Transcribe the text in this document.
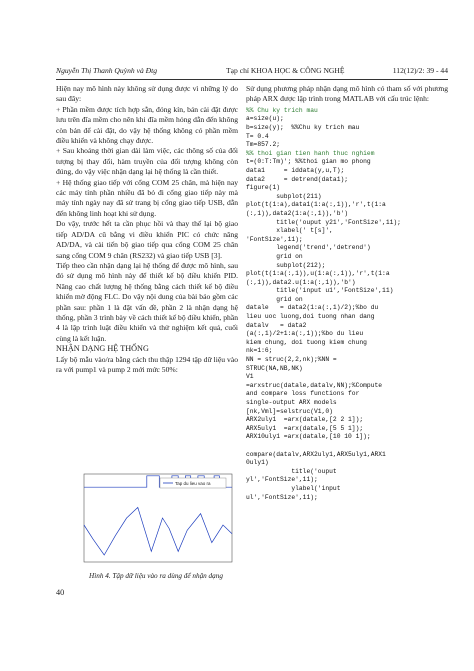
Nguyễn Thị Thanh Quỳnh và Đtg	Tạp chí KHOA HỌC & CÔNG NGHỆ	112(12)/2: 39 - 44

Hiện nay mô hình này không sử dụng được vì những lý do sau đây:

+ Phần mềm được tích hợp sẵn, đóng kín, bản cài đặt được lưu trên đĩa mềm cho nên khi đĩa mềm hỏng dẫn đến không còn bản để cài đặt, do vậy hệ thống không có phần mềm điều khiển và không chạy được.

+ Sau khoảng thời gian dài làm việc, các thông số của đối tượng bị thay đổi, hàm truyền của đối tượng không còn đúng, do vậy việc nhận dạng lại hệ thống là cần thiết.

+ Hệ thống giao tiếp với cổng COM 25 chân, mà hiện nay các máy tính phần nhiều đã bỏ đi cổng giao tiếp này mà máy tính ngày nay đã sử trang bị cổng giao tiếp USB, dẫn đến không linh hoạt khi sử dụng.

Do vậy, trước hết ta cần phục hồi và thay thế lại bộ giao tiếp AD/DA cũ bằng vi điều khiển PIC có chức năng AD/DA, và cài tiến bộ giao tiếp qua cổng COM 25 chân sang cổng COM 9 chân (RS232) và giao tiếp USB [3].

Tiếp theo cần nhận dạng lại hệ thống để được mô hình, sau đó sử dụng mô hình này để thiết kế bộ điều khiển PID. Nâng cao chất lượng hệ thống bằng cách thiết kế bộ điều khiển mờ động FLC. Do vậy nội dung của bài báo gồm các phần sau: phần 1 là đặt vấn đề, phần 2 là nhận dạng hệ thống, phần 3 trình bày về cách thiết kế bộ điều khiển, phần 4 là lập trình luật điều khiển và thử nghiệm kết quả, cuối cùng là kết luận.

NHẬN DẠNG HỆ THỐNG

Lấy bộ mẫu vào/ra bằng cách thu thập 1294 tập dữ liệu vào ra với pump1 và pump 2 mới mức 50%:

Tap du lieu vao ra
Hình 4. Tập dữ liệu vào ra dùng để nhận dạng

Sử dụng phương pháp nhận dạng mô hình có tham số với phương pháp ARX được lập trình trong MATLAB với cấu trúc lệnh:

%% Chu ky trich mau
a=size(u);
b=size(y);  %%Chu ky trich mau
T= 0.4
Tm=857.2;
%% thoi gian tien hanh thuc nghiem
t=(0:T:Tm)'; %%thoi gian mo phong
data1     = iddata(y,u,T);
data2     = detrend(data1);
figure(1)
subplot(211)
plot(t(1:a),data1(1:a(:,1)),'r',t(1:a
(:,1)),data2(1:a(:,1)),'b')
title('ouput y21','FontSize',11);
xlabel(' t[s]',
'FontSize',11);
legend('trend','detrend')
grid on
subplot(212);
plot(t(1:a(:,1)),u(1:a(:,1)),'r',t(1:a
(:,1)),data2.u(1:a(:,1)),'b')
title('input u1','FontSize',11)
grid on
datale   = data2(1:a(:,1)/2);%bo du
lieu uoc luong,doi tuong nhan dang
datalv   = data2
(a(:,1)/2+1:a(:,1));%bo du lieu
kiem chung, doi tuong kiem chung
nk=1:6;
NN = struc(2,2,nk);%NN =
STRUC(NA,NB,NK)
V1
=arxstruc(datale,datalv,NN);%Compute
and compare loss functions for
single-output ARX models
[nk,Vml]=selstruc(V1,0)
ARX2uly1  =arx(datale,[2 2 1]);
ARX5uly1  =arx(datale,[5 5 1]);
ARX10uly1 =arx(datale,[10 10 1]);

compare(datalv,ARX2uly1,ARX5uly1,ARX1
0uly1)
title('ouput
yl','FontSize',11);
ylabel('input
ul','FontSize',11);
40
